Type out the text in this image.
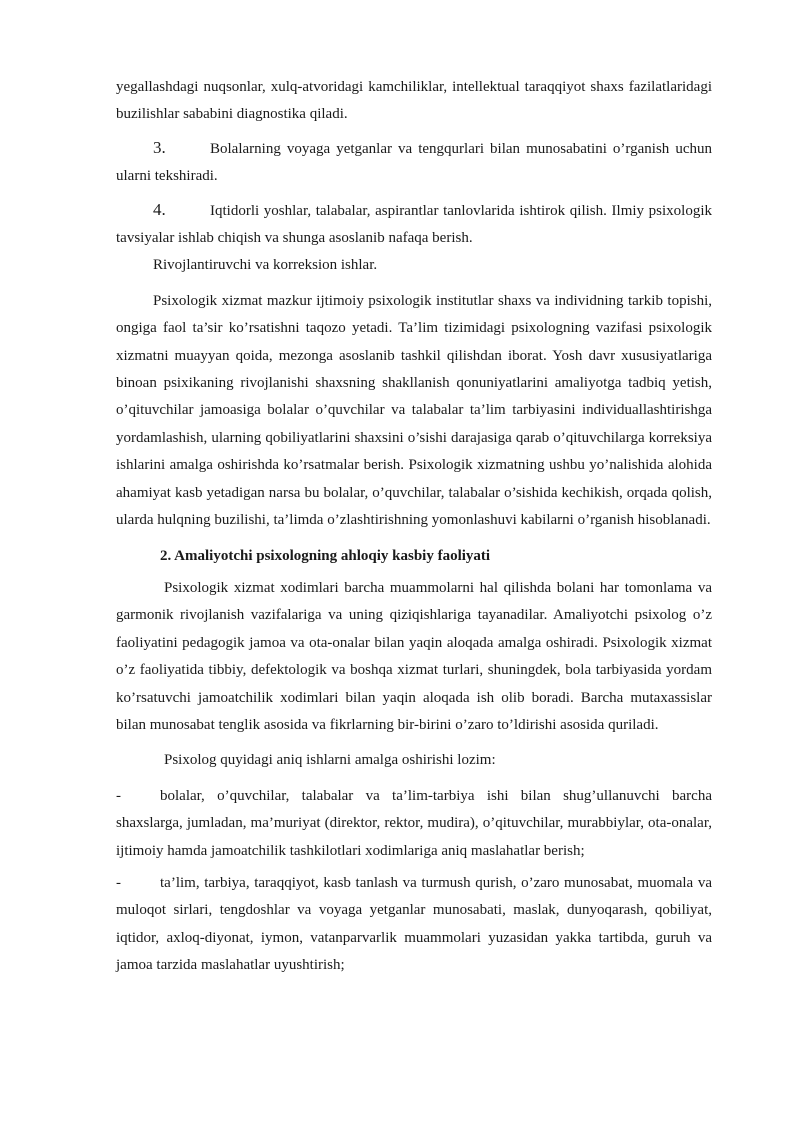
yegallashdagi nuqsonlar, xulq-atvoridagi kamchiliklar, intellektual taraqqiyot shaxs fazilatlaridagi buzilishlar sababini diagnostika qiladi.

3.	Bolalarning voyaga yetganlar va tengqurlari bilan munosabatini o’rganish uchun ularni tekshiradi.

4.	Iqtidorli yoshlar, talabalar, aspirantlar tanlovlarida ishtirok qilish. Ilmiy psixologik tavsiyalar ishlab chiqish va shunga asoslanib nafaqa berish.

Rivojlantiruvchi va korreksion ishlar.

Psixologik xizmat mazkur ijtimoiy psixologik institutlar shaxs va individning tarkib topishi, ongiga faol ta’sir ko’rsatishni taqozo yetadi. Ta’lim tizimidagi psixologning vazifasi psixologik xizmatni muayyan qoida, mezonga asoslanib tashkil qilishdan iborat. Yosh davr xususiyatlariga binoan psixikaning rivojlanishi shaxsning shakllanish qonuniyatlarini amaliyotga tadbiq yetish, o’qituvchilar jamoasiga bolalar o’quvchilar va talabalar ta’lim tarbiyasini individuallashtirishga yordamlashish, ularning qobiliyatlarini shaxsini o’sishi darajasiga qarab o’qituvchilarga korreksiya ishlarini amalga oshirishda ko’rsatmalar berish. Psixologik xizmatning ushbu yo’nalishida alohida ahamiyat kasb yetadigan narsa bu bolalar, o’quvchilar, talabalar o’sishida kechikish, orqada qolish, ularda hulqning buzilishi, ta’limda o’zlashtirishning yomonlashuvi kabilarni o’rganish hisoblanadi.

2. Amaliyotchi psixologning ahloqiy kasbiy faoliyati

Psixologik xizmat xodimlari barcha muammolarni hal qilishda bolani har tomonlama va garmonik rivojlanish vazifalariga va uning qiziqishlariga tayanadilar. Amaliyotchi psixolog o’z faoliyatini pedagogik jamoa va ota-onalar bilan yaqin aloqada amalga oshiradi. Psixologik xizmat o’z faoliyatida tibbiy, defektologik va boshqa xizmat turlari, shuningdek, bola tarbiyasida yordam ko’rsatuvchi jamoatchilik xodimlari bilan yaqin aloqada ish olib boradi. Barcha mutaxassislar bilan munosabat tenglik asosida va fikrlarning bir-birini o’zaro to’ldirishi asosida quriladi.

Psixolog quyidagi aniq ishlarni amalga oshirishi lozim:

-	bolalar, o’quvchilar, talabalar va ta’lim-tarbiya ishi bilan shug’ullanuvchi barcha shaxslarga, jumladan, ma’muriyat (direktor, rektor, mudira), o’qituvchilar, murabbiylar, ota-onalar, ijtimoiy hamda jamoatchilik tashkilotlari xodimlariga aniq maslahatlar berish;

-	ta’lim, tarbiya, taraqqiyot, kasb tanlash va turmush qurish, o’zaro munosabat, muomala va muloqot sirlari, tengdoshlar va voyaga yetganlar munosabati, maslak, dunyoqarash, qobiliyat, iqtidor, axloq-diyonat, iymon, vatanparvarlik muammolari yuzasidan yakka tartibda, guruh va jamoa tarzida maslahatlar uyushtirish;
